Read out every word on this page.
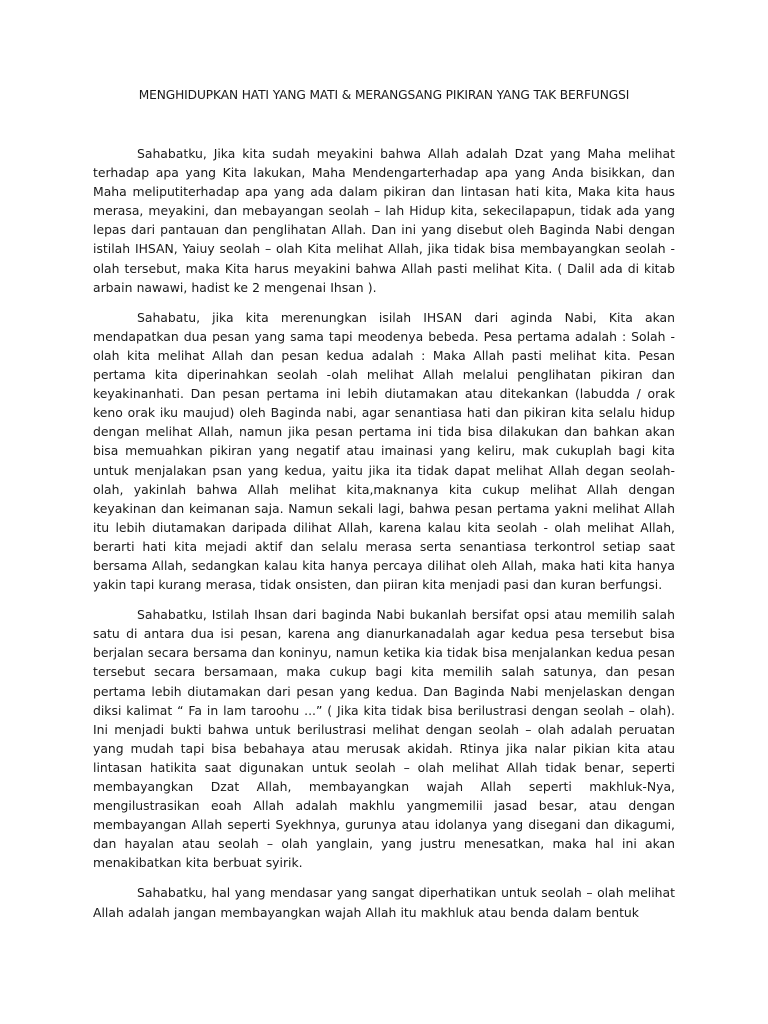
MENGHIDUPKAN HATI YANG MATI & MERANGSANG PIKIRAN YANG TAK BERFUNGSI

Sahabatku, Jika kita sudah meyakini bahwa Allah adalah Dzat yang Maha melihat terhadap apa yang Kita lakukan, Maha Mendengarterhadap apa yang Anda bisikkan, dan Maha meliputiterhadap apa yang ada dalam pikiran dan lintasan hati kita, Maka kita haus merasa, meyakini, dan mebayangan seolah – lah Hidup kita, sekecilapapun, tidak ada yang lepas dari pantauan dan penglihatan Allah. Dan ini yang disebut oleh Baginda Nabi dengan istilah IHSAN, Yaiuy seolah – olah Kita melihat Allah, jika tidak bisa membayangkan seolah - olah tersebut, maka Kita harus meyakini bahwa Allah pasti melihat Kita. ( Dalil ada di kitab arbain nawawi, hadist ke 2 mengenai Ihsan ).

Sahabatu, jika kita merenungkan isilah IHSAN dari aginda Nabi, Kita akan mendapatkan dua pesan yang sama tapi meodenya bebeda. Pesa pertama adalah : Solah - olah kita melihat Allah dan pesan kedua adalah : Maka Allah pasti melihat kita. Pesan pertama kita diperinahkan seolah -olah melihat Allah melalui penglihatan pikiran dan keyakinanhati. Dan pesan pertama ini lebih diutamakan atau ditekankan (labudda / orak keno orak iku maujud) oleh Baginda nabi, agar senantiasa hati dan pikiran kita selalu hidup dengan melihat Allah, namun jika pesan pertama ini tida bisa dilakukan dan bahkan akan bisa memuahkan pikiran yang negatif atau imainasi yang keliru, mak cukuplah bagi kita untuk menjalakan psan yang kedua, yaitu jika ita tidak dapat melihat Allah degan seolah-olah, yakinlah bahwa Allah melihat kita,maknanya kita cukup melihat Allah dengan keyakinan dan keimanan saja. Namun sekali lagi, bahwa pesan pertama yakni melihat Allah itu lebih diutamakan daripada dilihat Allah, karena kalau kita seolah - olah melihat Allah, berarti hati kita mejadi aktif dan selalu merasa serta senantiasa terkontrol setiap saat bersama Allah, sedangkan kalau kita hanya percaya dilihat oleh Allah, maka hati kita hanya yakin tapi kurang merasa, tidak onsisten, dan piiran kita menjadi pasi dan kuran berfungsi.

Sahabatku, Istilah Ihsan dari baginda Nabi bukanlah bersifat opsi atau memilih salah satu di antara dua isi pesan, karena ang dianurkanadalah agar kedua pesa tersebut bisa berjalan secara bersama dan koninyu, namun ketika kia tidak bisa menjalankan kedua pesan tersebut secara bersamaan, maka cukup bagi kita memilih salah satunya, dan pesan pertama lebih diutamakan dari pesan yang kedua. Dan Baginda Nabi menjelaskan dengan diksi kalimat “ Fa in lam taroohu ...” ( Jika kita tidak bisa berilustrasi dengan seolah – olah). Ini menjadi bukti bahwa untuk berilustrasi melihat dengan seolah – olah adalah peruatan yang mudah tapi bisa bebahaya atau merusak akidah. Rtinya jika nalar pikian kita atau lintasan hatikita saat digunakan untuk seolah – olah melihat Allah tidak benar, seperti membayangkan Dzat Allah, membayangkan wajah Allah seperti makhluk-Nya, mengilustrasikan eoah Allah adalah makhlu yangmemilii jasad besar, atau dengan membayangan Allah seperti Syekhnya, gurunya atau idolanya yang disegani dan dikagumi, dan hayalan atau seolah – olah yanglain, yang justru menesatkan, maka hal ini akan menakibatkan kita berbuat syirik.

Sahabatku, hal yang mendasar yang sangat diperhatikan untuk seolah – olah melihat Allah adalah jangan membayangkan wajah Allah itu makhluk atau benda dalam bentuk
